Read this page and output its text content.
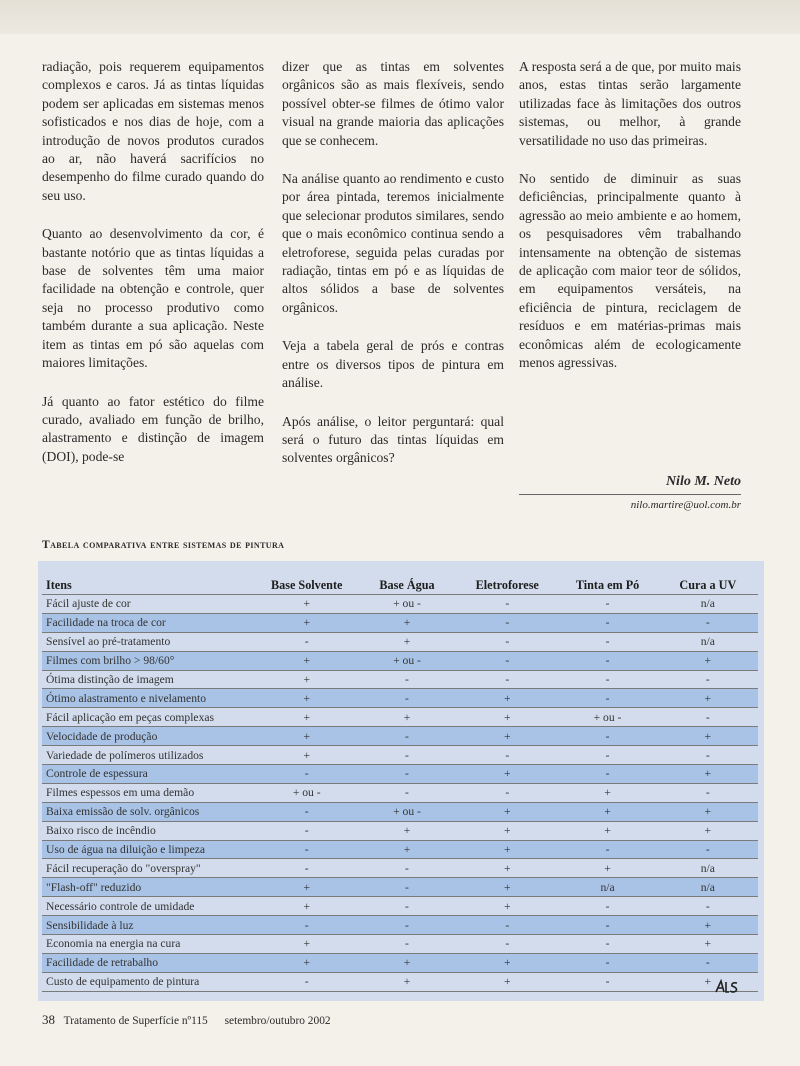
radiação, pois requerem equipamentos complexos e caros. Já as tintas líquidas podem ser aplicadas em sistemas menos sofisticados e nos dias de hoje, com a introdução de novos produtos curados ao ar, não haverá sacrifícios no desempenho do filme curado quando do seu uso.

Quanto ao desenvolvimento da cor, é bastante notório que as tintas líquidas a base de solventes têm uma maior facilidade na obtenção e controle, quer seja no processo produtivo como também durante a sua aplicação. Neste item as tintas em pó são aquelas com maiores limitações.

Já quanto ao fator estético do filme curado, avaliado em função de brilho, alastramento e distinção de imagem (DOI), pode-se

dizer que as tintas em solventes orgânicos são as mais flexíveis, sendo possível obter-se filmes de ótimo valor visual na grande maioria das aplicações que se conhecem.

Na análise quanto ao rendimento e custo por área pintada, teremos inicialmente que selecionar produtos similares, sendo que o mais econômico continua sendo a eletroforese, seguida pelas curadas por radiação, tintas em pó e as líquidas de altos sólidos a base de solventes orgânicos.

Veja a tabela geral de prós e contras entre os diversos tipos de pintura em análise.

Após análise, o leitor perguntará: qual será o futuro das tintas líquidas em solventes orgânicos?

A resposta será a de que, por muito mais anos, estas tintas serão largamente utilizadas face às limitações dos outros sistemas, ou melhor, à grande versatilidade no uso das primeiras.

No sentido de diminuir as suas deficiências, principalmente quanto à agressão ao meio ambiente e ao homem, os pesquisadores vêm trabalhando intensamente na obtenção de sistemas de aplicação com maior teor de sólidos, em equipamentos versáteis, na eficiência de pintura, reciclagem de resíduos e em matérias-primas mais econômicas além de ecologicamente menos agressivas.

Nilo M. Neto
nilo.martire@uol.com.br
Tabela comparativa entre sistemas de pintura
Itens	Base Solvente	Base Água	Eletroforese	Tinta em Pó	Cura a UV
Fácil ajuste de cor	+	+ ou -	-	-	n/a
Facilidade na troca de cor	+	+	-	-	-
Sensível ao pré-tratamento	-	+	-	-	n/a
Filmes com brilho > 98/60°	+	+ ou -	-	-	+
Ótima distinção de imagem	+	-	-	-	-
Ótimo alastramento e nivelamento	+	-	+	-	+
Fácil aplicação em peças complexas	+	+	+	+ ou -	-
Velocidade de produção	+	-	+	-	+
Variedade de polímeros utilizados	+	-	-	-	-
Controle de espessura	-	-	+	-	+
Filmes espessos em uma demão	+ ou -	-	-	+	-
Baixa emissão de solv. orgânicos	-	+ ou -	+	+	+
Baixo risco de incêndio	-	+	+	+	+
Uso de água na diluição e limpeza	-	+	+	-	-
Fácil recuperação do "overspray"	-	-	+	+	n/a
"Flash-off" reduzido	+	-	+	n/a	n/a
Necessário controle de umidade	+	-	+	-	-
Sensibilidade à luz	-	-	-	-	+
Economia na energia na cura	+	-	-	-	+
Facilidade de retrabalho	+	+	+	-	-
Custo de equipamento de pintura	-	+	+	-	+
38 Tratamento de Superfície nº115 setembro/outubro 2002
